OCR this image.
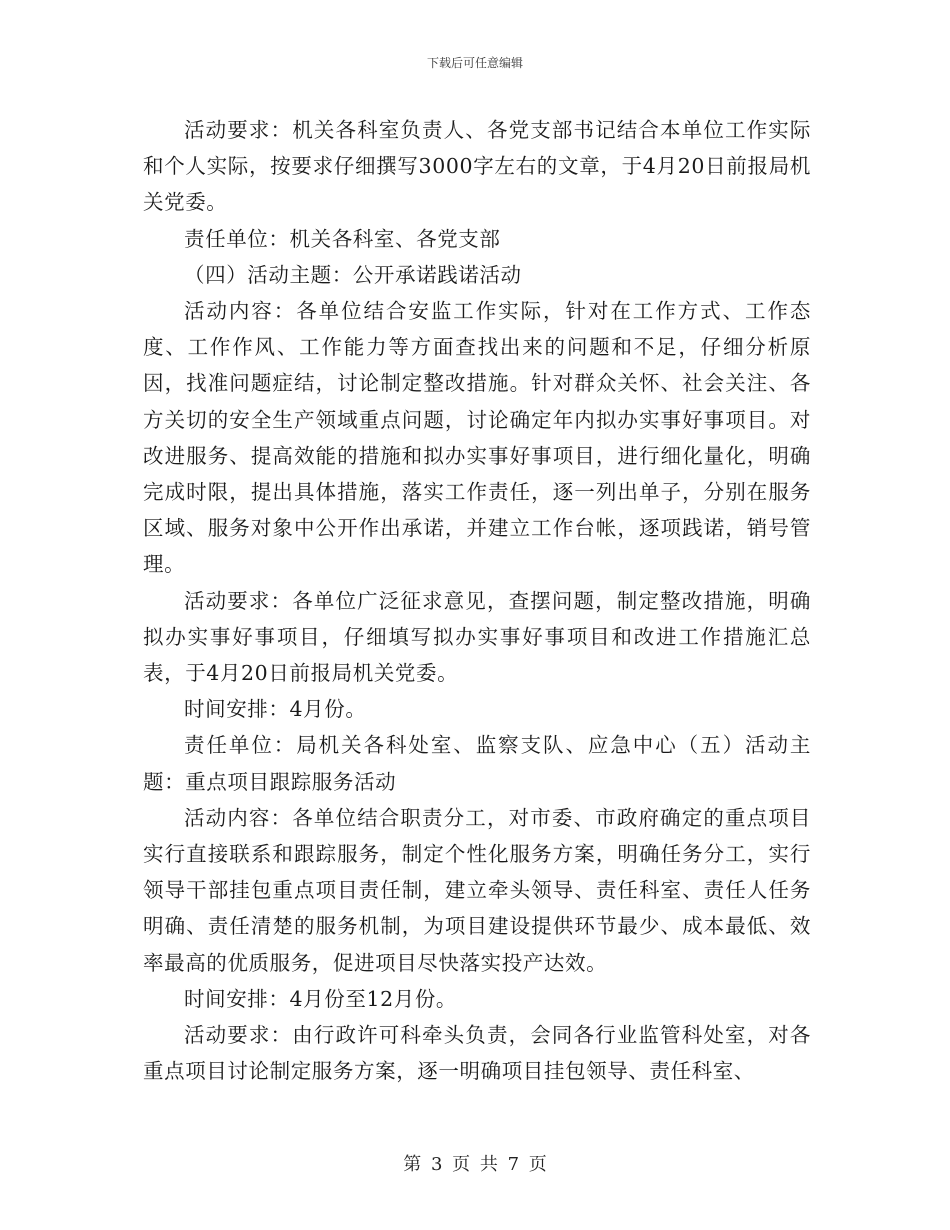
下载后可任意编辑

活动要求：机关各科室负责人、各党支部书记结合本单位工作实际和个人实际，按要求仔细撰写3000字左右的文章，于4月20日前报局机关党委。

责任单位：机关各科室、各党支部

（四）活动主题：公开承诺践诺活动

活动内容：各单位结合安监工作实际，针对在工作方式、工作态度、工作作风、工作能力等方面查找出来的问题和不足，仔细分析原因，找准问题症结，讨论制定整改措施。针对群众关怀、社会关注、各方关切的安全生产领域重点问题，讨论确定年内拟办实事好事项目。对改进服务、提高效能的措施和拟办实事好事项目，进行细化量化，明确完成时限，提出具体措施，落实工作责任，逐一列出单子，分别在服务区域、服务对象中公开作出承诺，并建立工作台帐，逐项践诺，销号管理。

活动要求：各单位广泛征求意见，查摆问题，制定整改措施，明确拟办实事好事项目，仔细填写拟办实事好事项目和改进工作措施汇总表，于4月20日前报局机关党委。

时间安排：4月份。

责任单位：局机关各科处室、监察支队、应急中心（五）活动主题：重点项目跟踪服务活动

活动内容：各单位结合职责分工，对市委、市政府确定的重点项目实行直接联系和跟踪服务，制定个性化服务方案，明确任务分工，实行领导干部挂包重点项目责任制，建立牵头领导、责任科室、责任人任务明确、责任清楚的服务机制，为项目建设提供环节最少、成本最低、效率最高的优质服务，促进项目尽快落实投产达效。

时间安排：4月份至12月份。

活动要求：由行政许可科牵头负责，会同各行业监管科处室，对各重点项目讨论制定服务方案，逐一明确项目挂包领导、责任科室、

第 3 页 共 7 页
